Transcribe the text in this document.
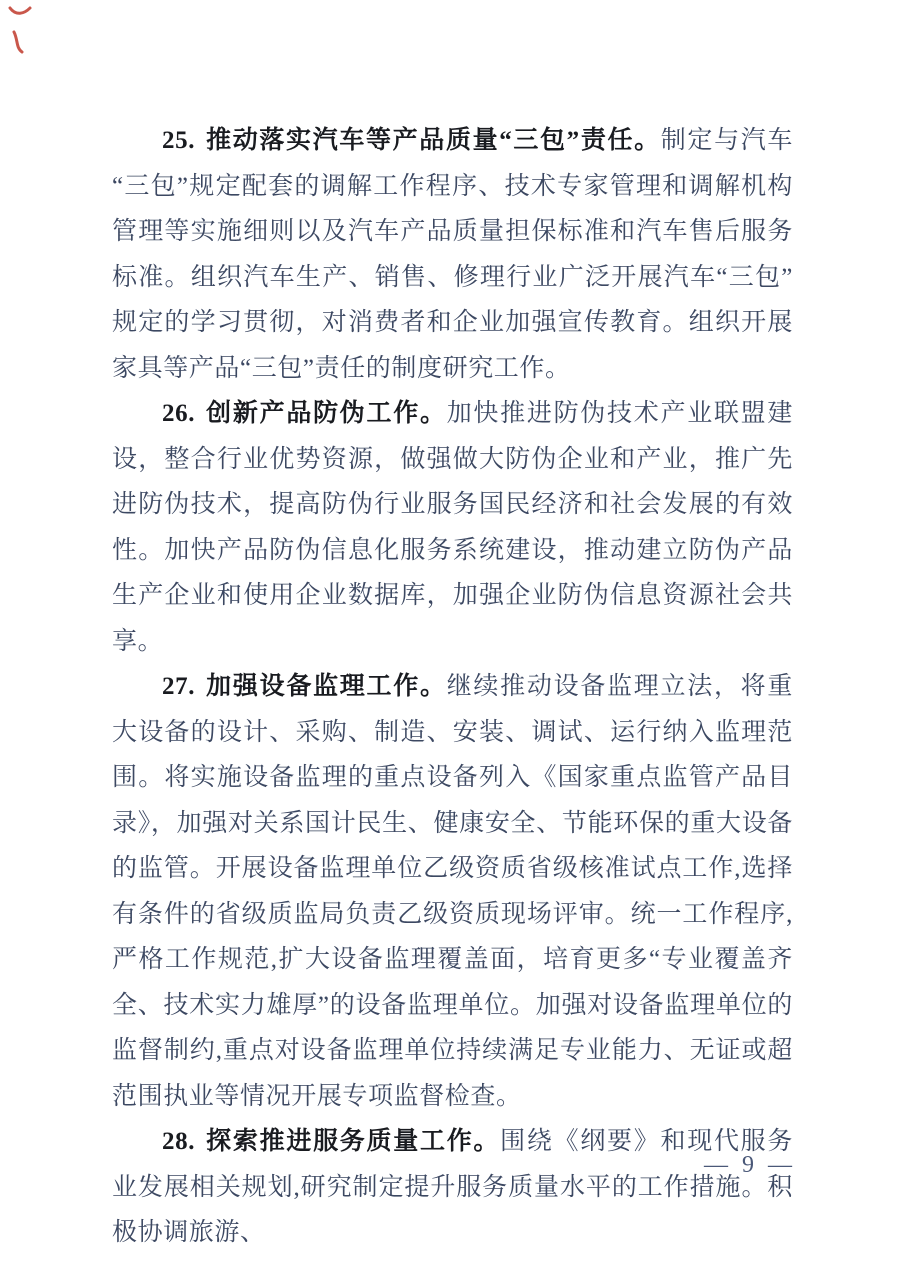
25. 推动落实汽车等产品质量“三包”责任。制定与汽车“三包”规定配套的调解工作程序、技术专家管理和调解机构管理等实施细则以及汽车产品质量担保标准和汽车售后服务标准。组织汽车生产、销售、修理行业广泛开展汽车“三包”规定的学习贯彻，对消费者和企业加强宣传教育。组织开展家具等产品“三包”责任的制度研究工作。

26. 创新产品防伪工作。加快推进防伪技术产业联盟建设，整合行业优势资源，做强做大防伪企业和产业，推广先进防伪技术，提高防伪行业服务国民经济和社会发展的有效性。加快产品防伪信息化服务系统建设，推动建立防伪产品生产企业和使用企业数据库，加强企业防伪信息资源社会共享。

27. 加强设备监理工作。继续推动设备监理立法，将重大设备的设计、采购、制造、安装、调试、运行纳入监理范围。将实施设备监理的重点设备列入《国家重点监管产品目录》，加强对关系国计民生、健康安全、节能环保的重大设备的监管。开展设备监理单位乙级资质省级核准试点工作,选择有条件的省级质监局负责乙级资质现场评审。统一工作程序,严格工作规范,扩大设备监理覆盖面，培育更多“专业覆盖齐全、技术实力雄厚”的设备监理单位。加强对设备监理单位的监督制约,重点对设备监理单位持续满足专业能力、无证或超范围执业等情况开展专项监督检查。

28. 探索推进服务质量工作。围绕《纲要》和现代服务业发展相关规划,研究制定提升服务质量水平的工作措施。积极协调旅游、

— 9 —
